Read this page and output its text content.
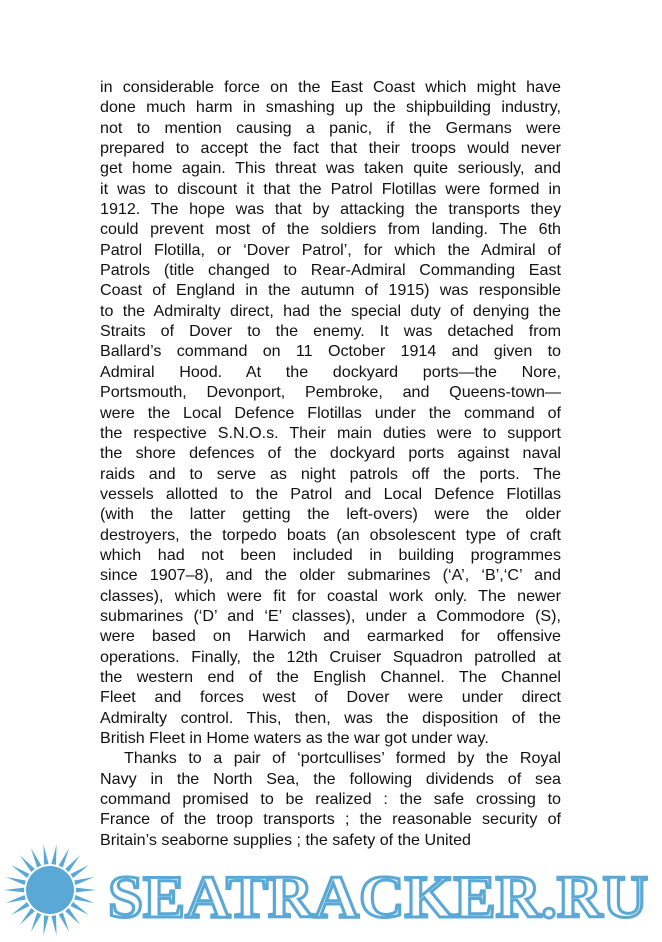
in considerable force on the East Coast which might have
done much harm in smashing up the shipbuilding industry,
not to mention causing a panic, if the Germans were
prepared to accept the fact that their troops would never
get home again. This threat was taken quite seriously, and
it was to discount it that the Patrol Flotillas were formed in
1912. The hope was that by attacking the transports they
could prevent most of the soldiers from landing. The 6th
Patrol Flotilla, or ‘Dover Patrol’, for which the Admiral of
Patrols (title changed to Rear-Admiral Commanding East
Coast of England in the autumn of 1915) was responsible
to the Admiralty direct, had the special duty of denying the
Straits of Dover to the enemy. It was detached from
Ballard’s command on 11 October 1914 and given to
Admiral Hood. At the dockyard ports—the Nore,
Portsmouth, Devonport, Pembroke, and Queens-town—
were the Local Defence Flotillas under the command of
the respective S.N.O.s. Their main duties were to support
the shore defences of the dockyard ports against naval
raids and to serve as night patrols off the ports. The
vessels allotted to the Patrol and Local Defence Flotillas
(with the latter getting the left-overs) were the older
destroyers, the torpedo boats (an obsolescent type of craft
which had not been included in building programmes
since 1907–8), and the older submarines (‘A’, ‘B’,‘C’ and
classes), which were fit for coastal work only. The newer
submarines (‘D’ and ‘E’ classes), under a Commodore (S),
were based on Harwich and earmarked for offensive
operations. Finally, the 12th Cruiser Squadron patrolled at
the western end of the English Channel. The Channel
Fleet and forces west of Dover were under direct
Admiralty control. This, then, was the disposition of the
British Fleet in Home waters as the war got under way.
Thanks to a pair of ‘portcullises’ formed by the Royal
Navy in the North Sea, the following dividends of sea
command promised to be realized : the safe crossing to
France of the troop transports ; the reasonable security of
Britain’s seaborne supplies ; the safety of the United
SEATRACKER.RU
